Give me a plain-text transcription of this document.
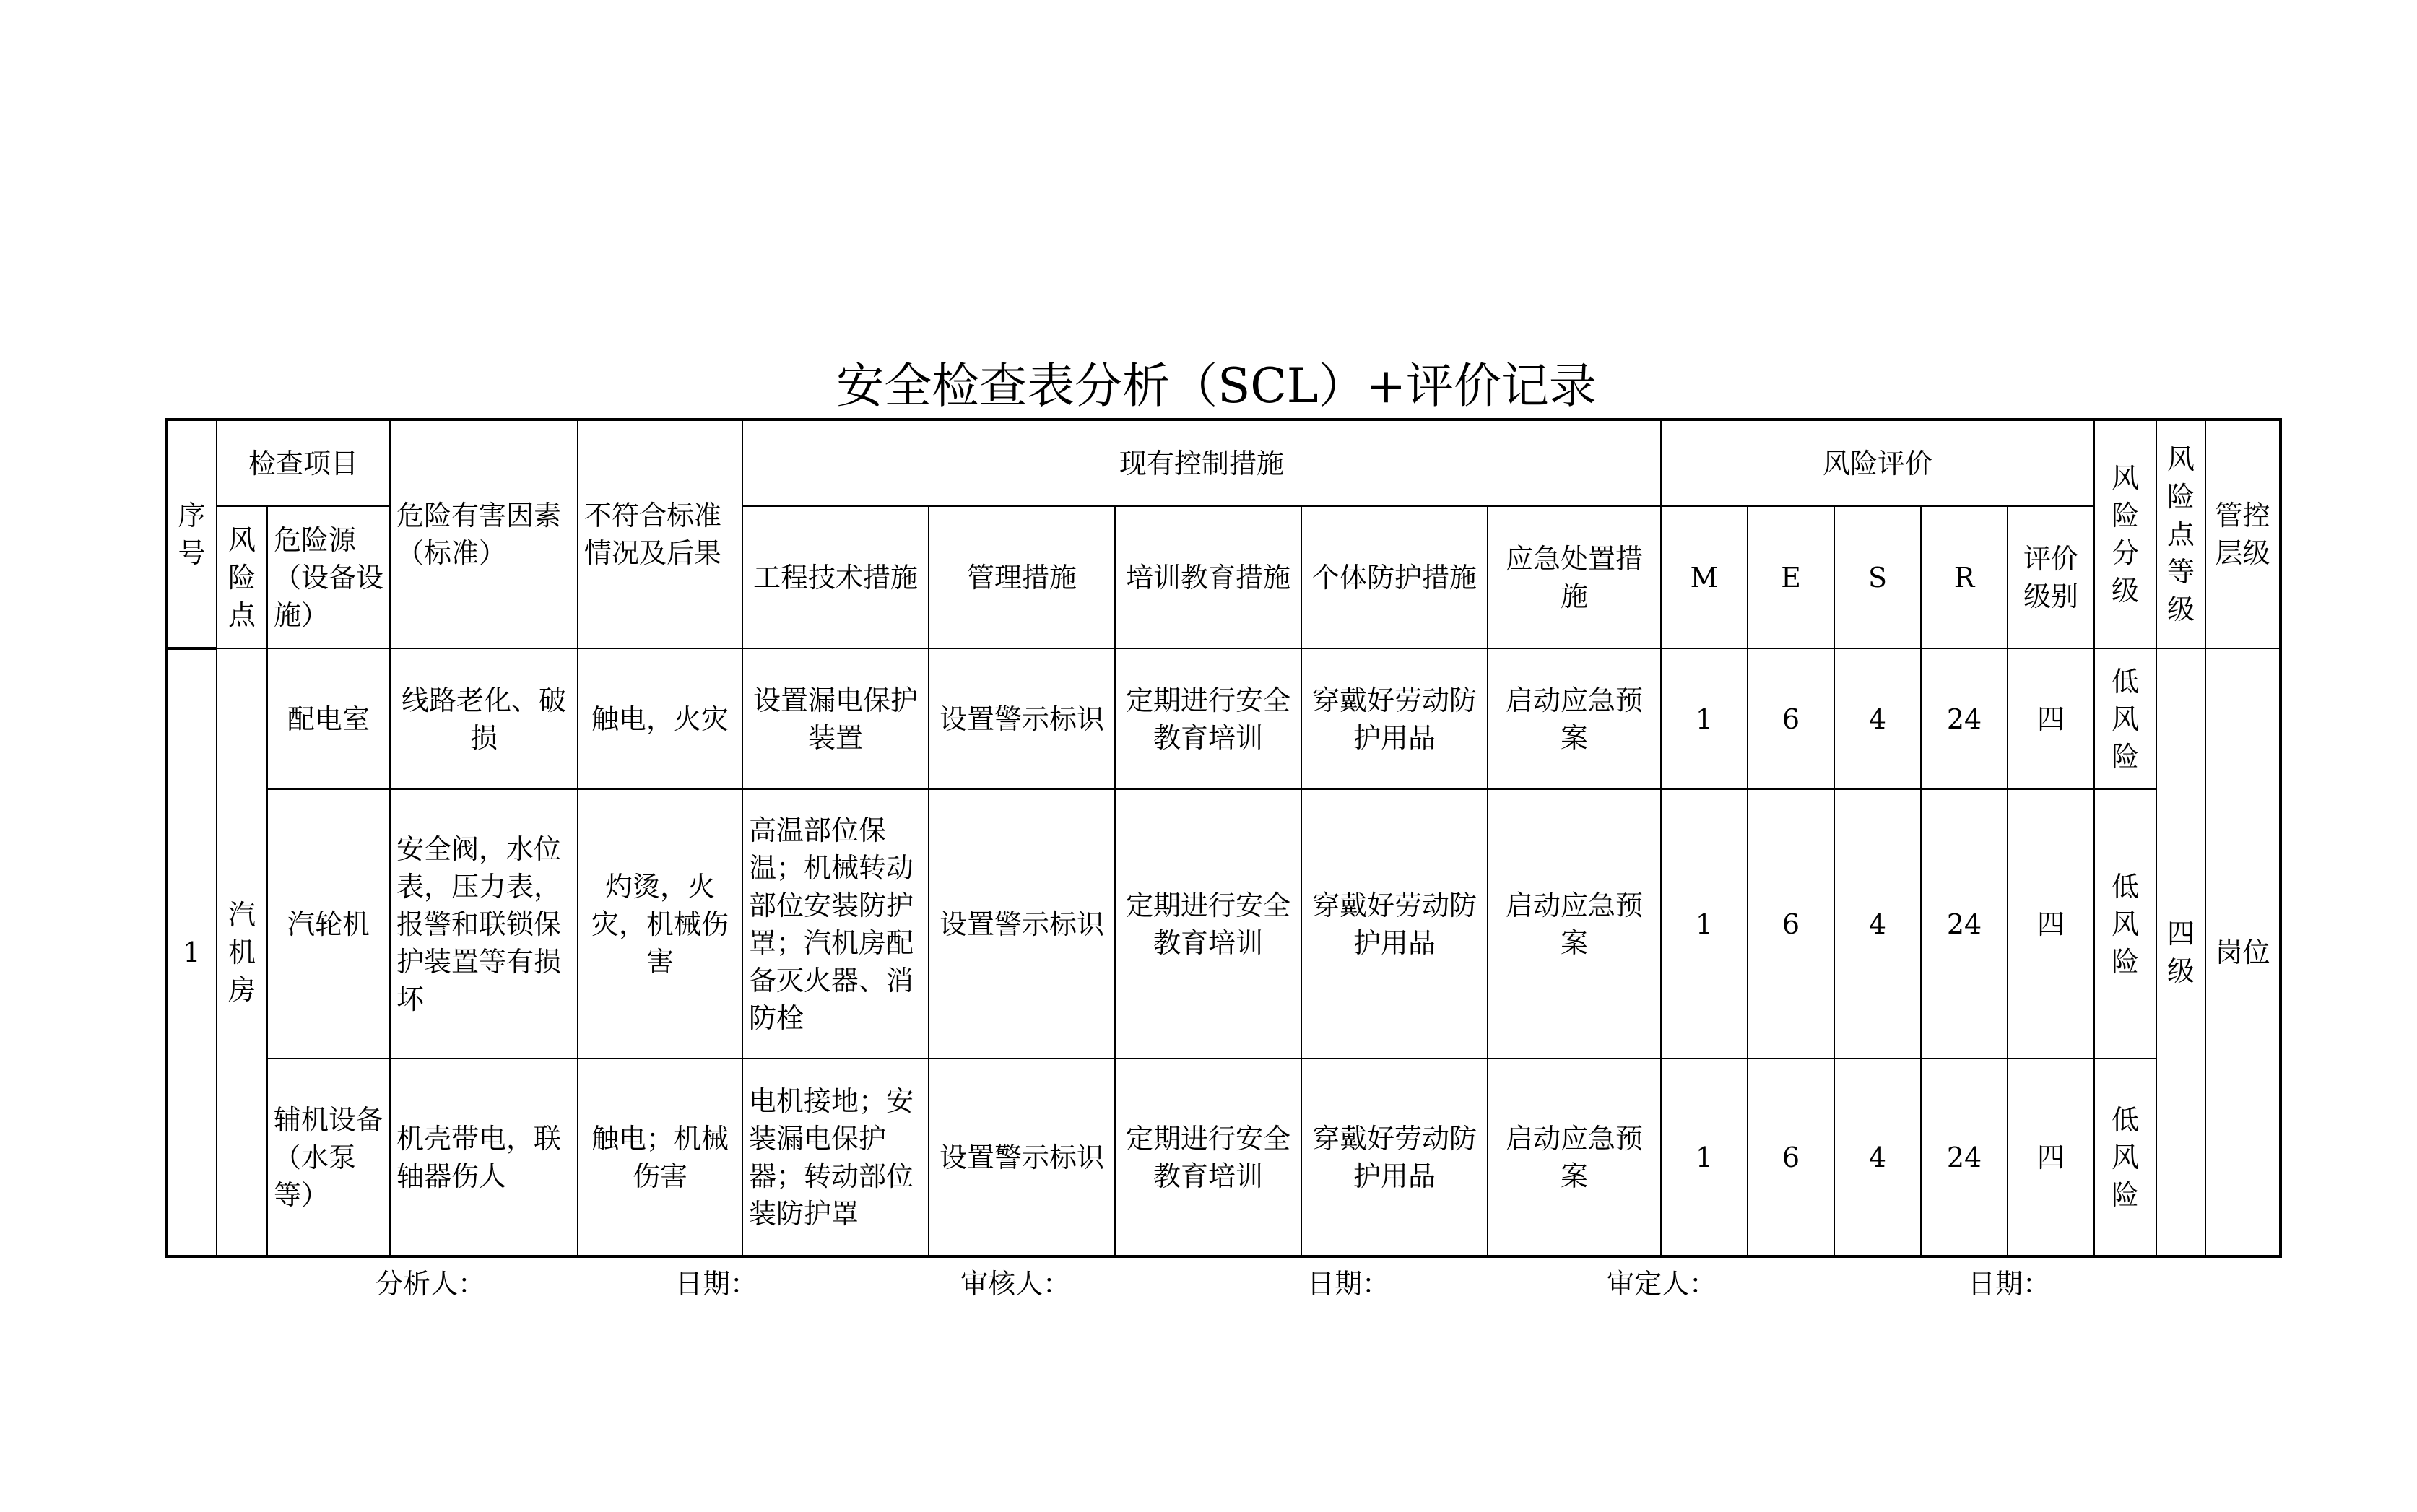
安全检查表分析（SCL）+评价记录
序号	检查项目		危险有害因素（标准）	不符合标准情况及后果	现有控制措施					风险评价					风险分级	风险点等级	管控层级

	风险点	危险源（设备设施）			工程技术措施	管理措施	培训教育措施	个体防护措施	应急处置措施	M	E	S	R	评价级别			
1	汽机房	配电室	线路老化、破损	触电，火灾	设置漏电保护装置	设置警示标识	定期进行安全教育培训	穿戴好劳动防护用品	启动应急预案	1	6	4	24	四	低风险	四级	岗位
		汽轮机	安全阀，水位表，压力表，报警和联锁保护装置等有损坏	灼烫，火灾，机械伤害	高温部位保温；机械转动部位安装防护罩；汽机房配备灭火器、消防栓	设置警示标识	定期进行安全教育培训	穿戴好劳动防护用品	启动应急预案	1	6	4	24	四	低风险		

		辅机设备（水泵等）	机壳带电，联轴器伤人	触电；机械伤害	电机接地；安装漏电保护器；转动部位装防护罩	设置警示标识	定期进行安全教育培训	穿戴好劳动防护用品	启动应急预案	1	6	4	24	四	低风险		
分析人：	日期：	审核人：	日期：	审定人：	日期：
